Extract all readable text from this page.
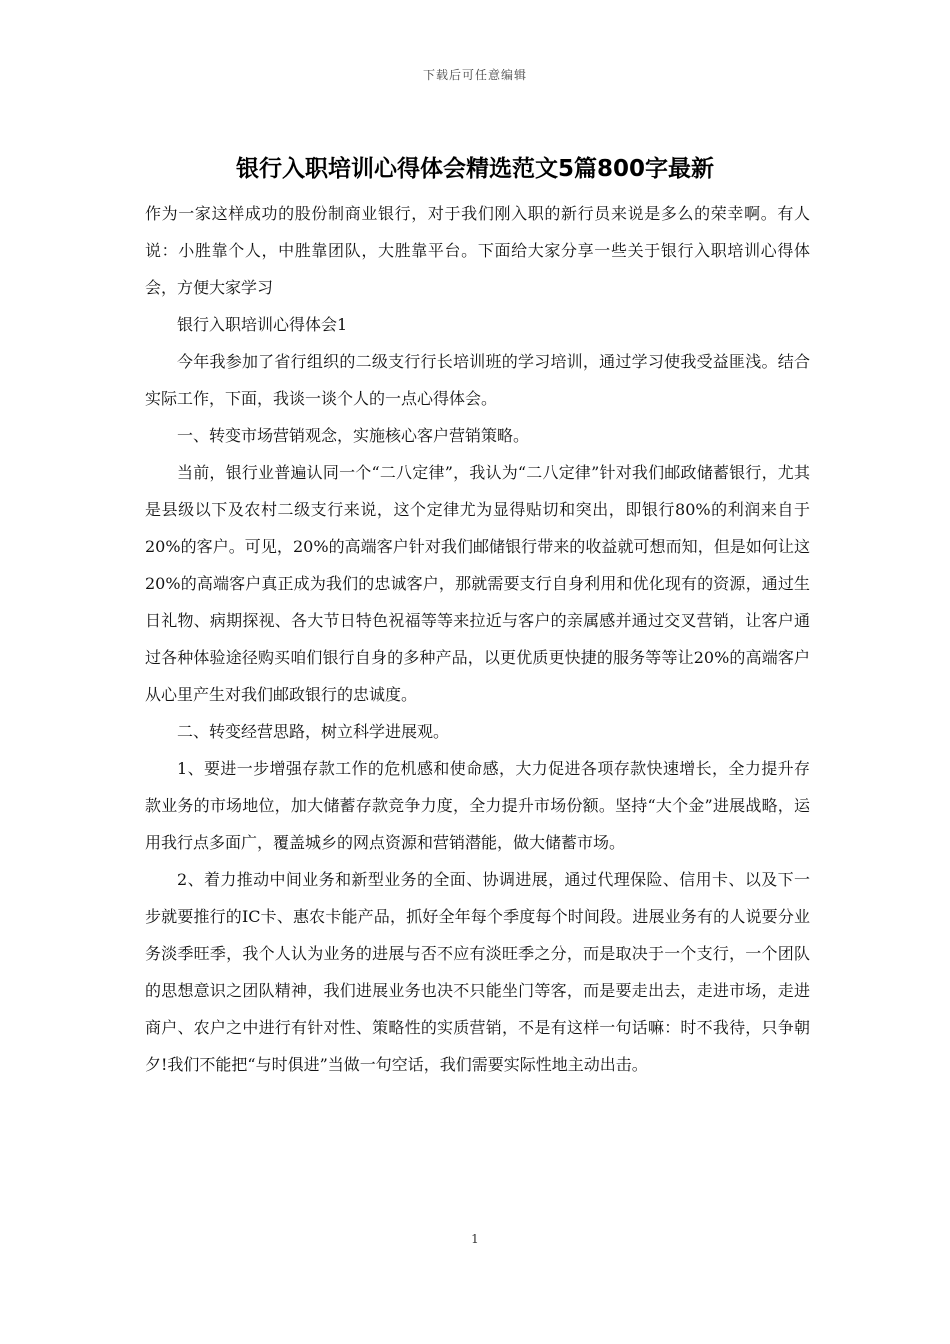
下载后可任意编辑
银行入职培训心得体会精选范文5篇800字最新

作为一家这样成功的股份制商业银行，对于我们刚入职的新行员来说是多么的荣幸啊。有人说：小胜靠个人，中胜靠团队，大胜靠平台。下面给大家分享一些关于银行入职培训心得体会，方便大家学习

银行入职培训心得体会1

今年我参加了省行组织的二级支行行长培训班的学习培训，通过学习使我受益匪浅。结合实际工作，下面，我谈一谈个人的一点心得体会。

一、转变市场营销观念，实施核心客户营销策略。

当前，银行业普遍认同一个“二八定律”，我认为“二八定律”针对我们邮政储蓄银行，尤其是县级以下及农村二级支行来说，这个定律尤为显得贴切和突出，即银行80%的利润来自于20%的客户。可见，20%的高端客户针对我们邮储银行带来的收益就可想而知，但是如何让这20%的高端客户真正成为我们的忠诚客户，那就需要支行自身利用和优化现有的资源，通过生日礼物、病期探视、各大节日特色祝福等等来拉近与客户的亲属感并通过交叉营销，让客户通过各种体验途径购买咱们银行自身的多种产品，以更优质更快捷的服务等等让20%的高端客户从心里产生对我们邮政银行的忠诚度。

二、转变经营思路，树立科学进展观。

1、要进一步增强存款工作的危机感和使命感，大力促进各项存款快速增长，全力提升存款业务的市场地位，加大储蓄存款竞争力度，全力提升市场份额。坚持“大个金”进展战略，运用我行点多面广，覆盖城乡的网点资源和营销潜能，做大储蓄市场。

2、着力推动中间业务和新型业务的全面、协调进展，通过代理保险、信用卡、以及下一步就要推行的IC卡、惠农卡能产品，抓好全年每个季度每个时间段。进展业务有的人说要分业务淡季旺季，我个人认为业务的进展与否不应有淡旺季之分，而是取决于一个支行，一个团队的思想意识之团队精神，我们进展业务也决不只能坐门等客，而是要走出去，走进市场，走进商户、农户之中进行有针对性、策略性的实质营销，不是有这样一句话嘛：时不我待，只争朝夕!我们不能把“与时俱进”当做一句空话，我们需要实际性地主动出击。

1
